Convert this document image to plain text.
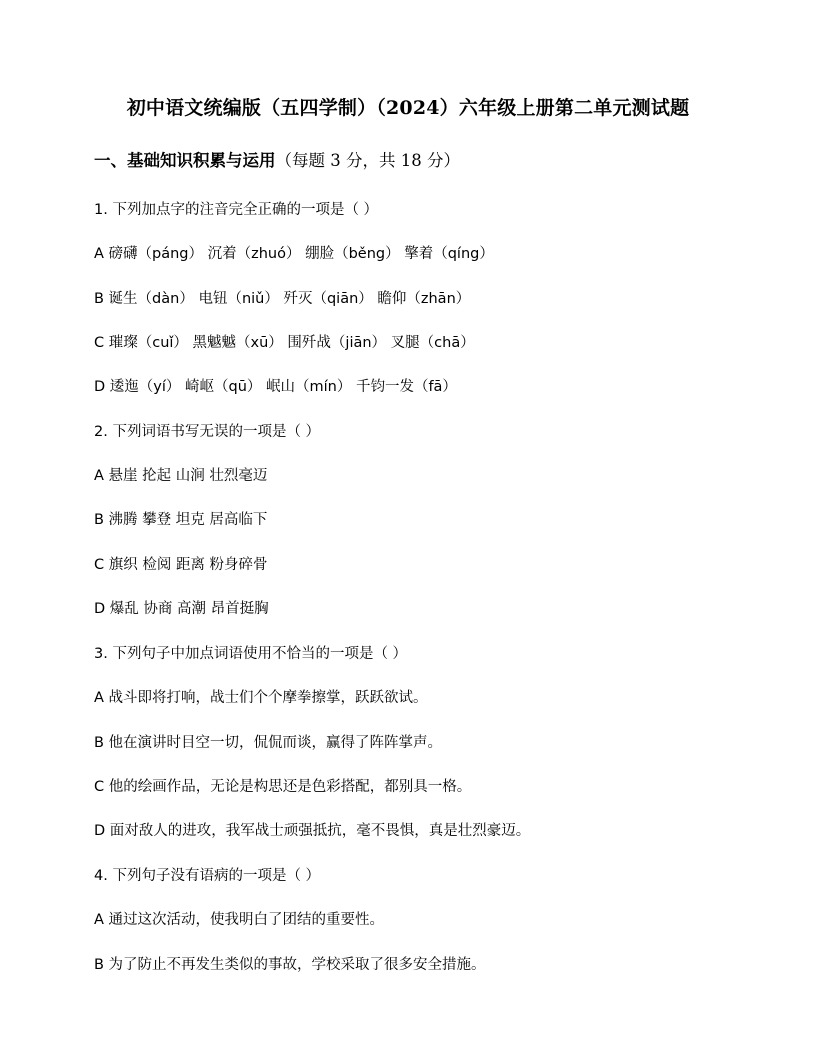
初中语文统编版（五四学制）（2024）六年级上册第二单元测试题
一、基础知识积累与运用（每题 3 分，共 18 分）
1. 下列加点字的注音完全正确的一项是（ ）
A 磅礴（páng） 沉着（zhuó） 绷脸（běng） 擎着（qíng）
B 诞生（dàn） 电钮（niǔ） 歼灭（qiān） 瞻仰（zhān）
C 璀璨（cuǐ） 黑魆魆（xū） 围歼战（jiān） 叉腿（chā）
D 逶迤（yí） 崎岖（qū） 岷山（mín） 千钧一发（fā）
2. 下列词语书写无误的一项是（ ）
A 悬崖 抡起 山涧 壮烈毫迈
B 沸腾 攀登 坦克 居高临下
C 旗织 检阅 距离 粉身碎骨
D 爆乱 协商 高潮 昂首挺胸
3. 下列句子中加点词语使用不恰当的一项是（ ）
A 战斗即将打响，战士们个个摩拳擦掌，跃跃欲试。
B 他在演讲时目空一切，侃侃而谈，赢得了阵阵掌声。
C 他的绘画作品，无论是构思还是色彩搭配，都别具一格。
D 面对敌人的进攻，我军战士顽强抵抗，毫不畏惧，真是壮烈豪迈。
4. 下列句子没有语病的一项是（ ）
A 通过这次活动，使我明白了团结的重要性。
B 为了防止不再发生类似的事故，学校采取了很多安全措施。
